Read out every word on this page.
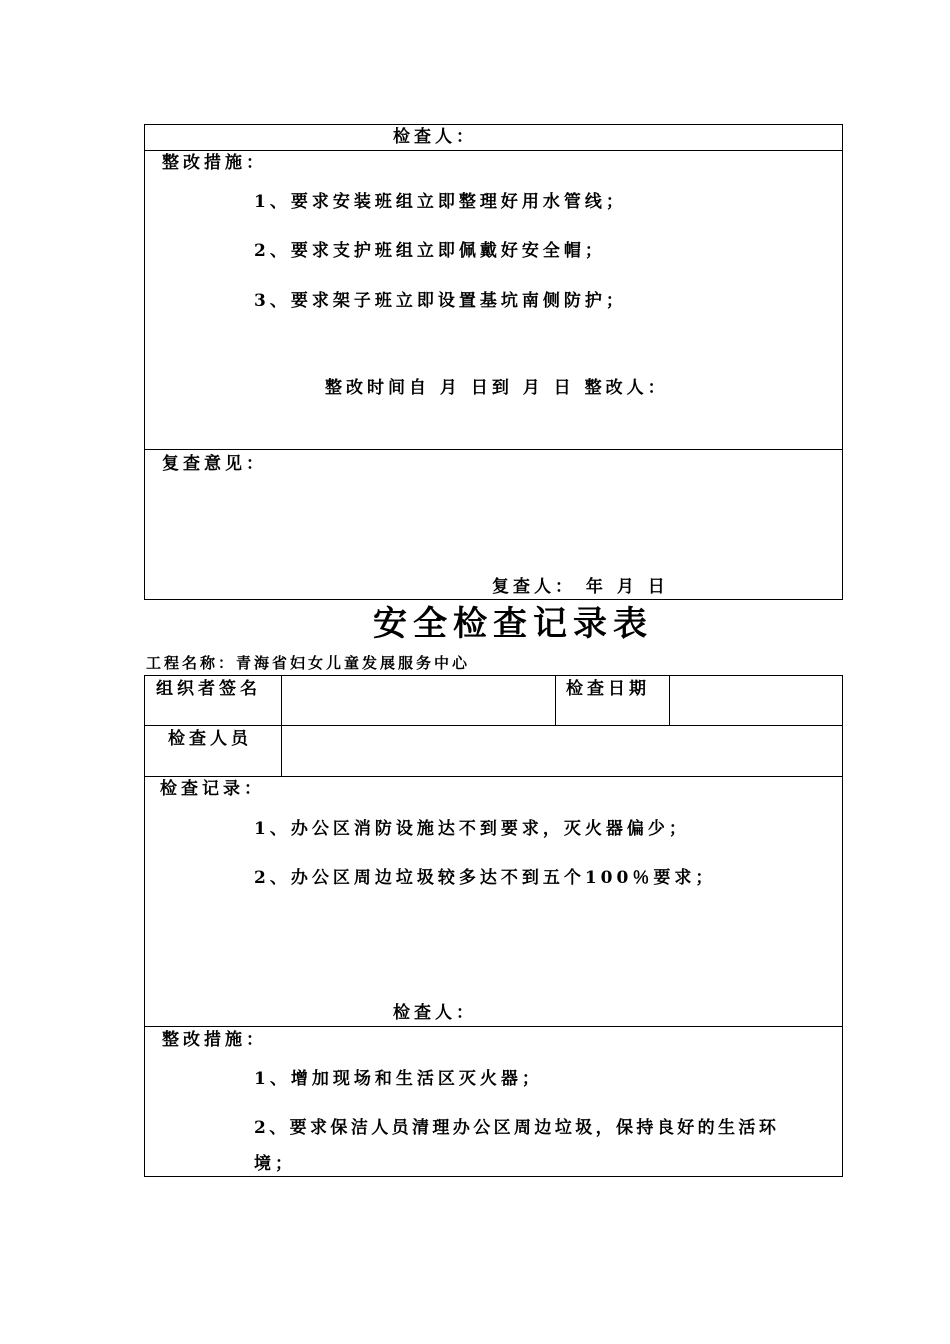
检查人：
整改措施：
1、要求安装班组立即整理好用水管线；
2、要求支护班组立即佩戴好安全帽；
3、要求架子班立即设置基坑南侧防护；
整改时间自 月 日到 月 日 整改人：
复查意见：
复查人： 年 月 日
安全检查记录表
工程名称：青海省妇女儿童发展服务中心
组织者签名	检查日期
检查人员
检查记录：
1、办公区消防设施达不到要求，灭火器偏少；
2、办公区周边垃圾较多达不到五个100％要求；
检查人：
整改措施：
1、增加现场和生活区灭火器；
2、要求保洁人员清理办公区周边垃圾，保持良好的生活环
境；
